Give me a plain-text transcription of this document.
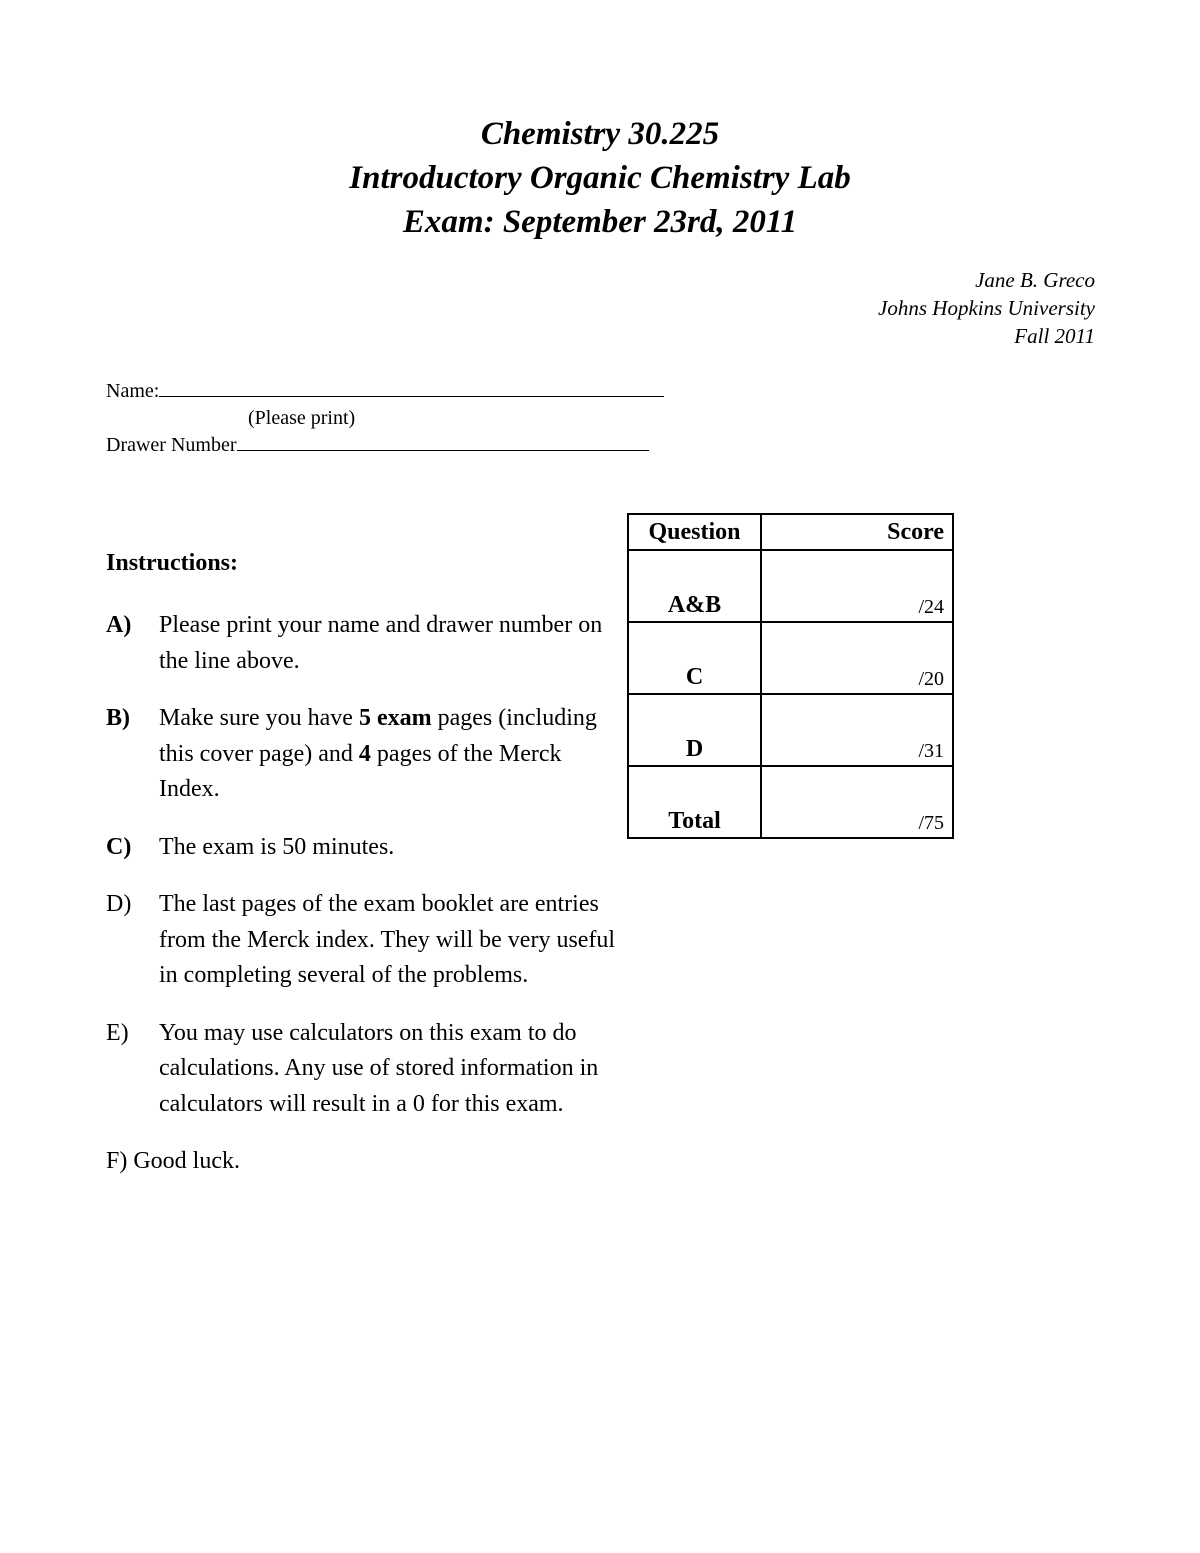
Chemistry 30.225
Introductory Organic Chemistry Lab
Exam: September 23rd, 2011
Jane B. Greco
Johns Hopkins University
Fall 2011
Name:
(Please print)
Drawer Number
Instructions:
A)	Please print your name and drawer number on the line above.
B)	Make sure you have 5 exam pages (including this cover page) and 4 pages of the Merck Index.
C)	The exam is 50 minutes.
D)	The last pages of the exam booklet are entries from the Merck index. They will be very useful in completing several of the problems.
E)	You may use calculators on this exam to do calculations. Any use of stored information in calculators will result in a 0 for this exam.
F) Good luck.
Question	Score
A&B	/24
C	/20
D	/31
Total	/75
